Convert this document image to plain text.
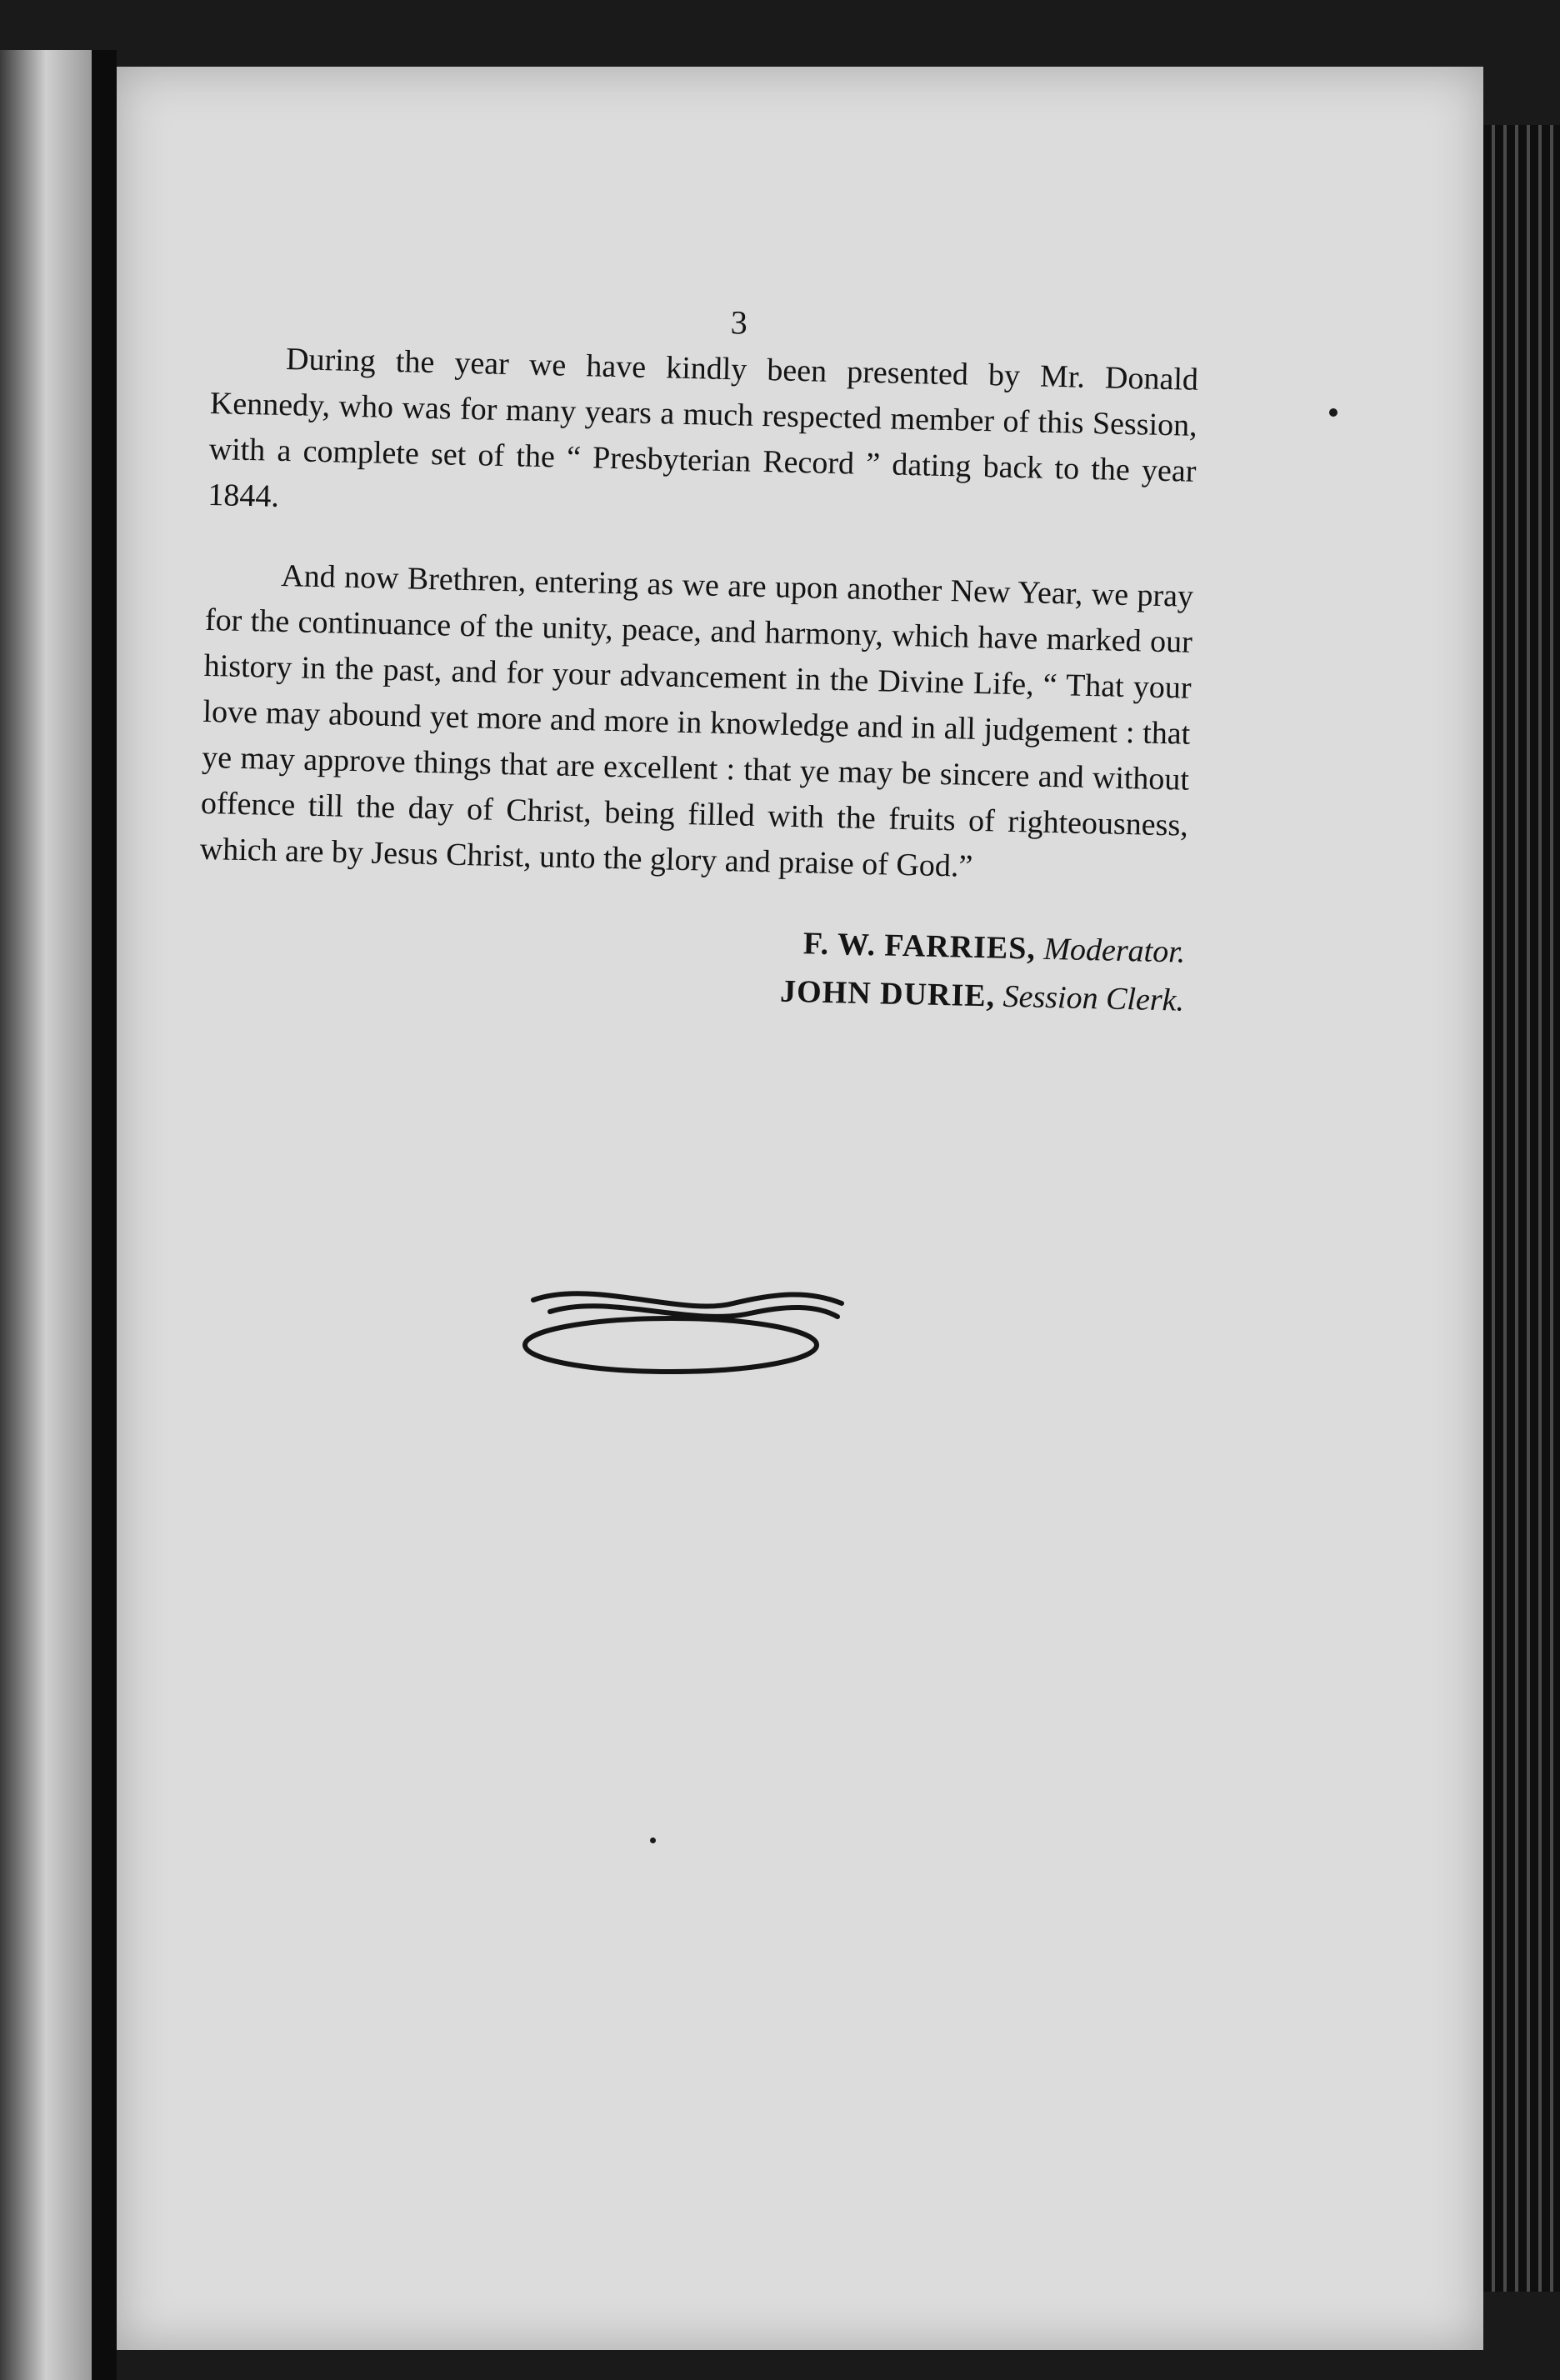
3

During the year we have kindly been presented by Mr. Donald Kennedy, who was for many years a much respected member of this Session, with a complete set of the “ Presbyterian Record ” dating back to the year 1844.

And now Brethren, entering as we are upon another New Year, we pray for the continuance of the unity, peace, and harmony, which have marked our history in the past, and for your advancement in the Divine Life, “ That your love may abound yet more and more in knowledge and in all judgement : that ye may approve things that are excellent : that ye may be sincere and without offence till the day of Christ, being filled with the fruits of righteousness, which are by Jesus Christ, unto the glory and praise of God.”

F. W. FARRIES, Moderator.
JOHN DURIE, Session Clerk.
